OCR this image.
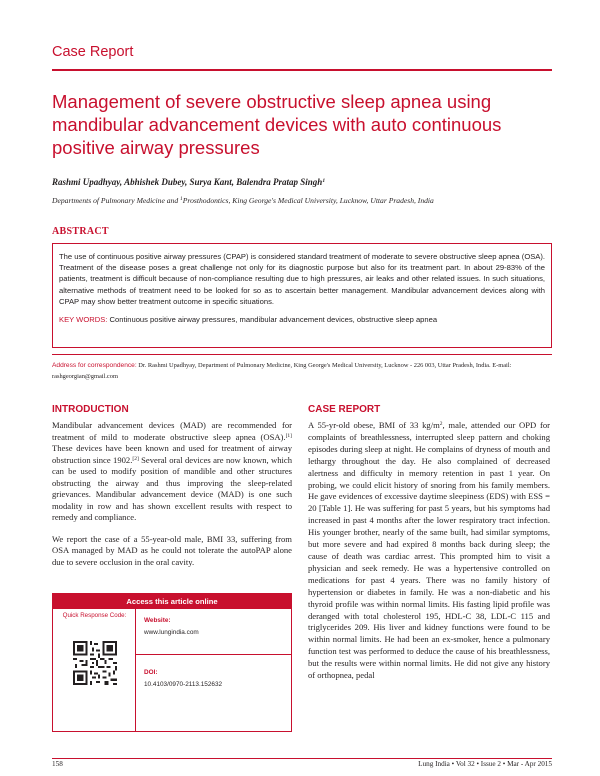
Case Report
Management of severe obstructive sleep apnea using mandibular advancement devices with auto continuous positive airway pressures
Rashmi Upadhyay, Abhishek Dubey, Surya Kant, Balendra Pratap Singh$^1$
Departments of Pulmonary Medicine and $^1$Prosthodontics, King George's Medical University, Lucknow, Uttar Pradesh, India
ABSTRACT

The use of continuous positive airway pressures (CPAP) is considered standard treatment of moderate to severe obstructive sleep apnea (OSA). Treatment of the disease poses a great challenge not only for its diagnostic purpose but also for its treatment part. In about 29-83% of the patients, treatment is difficult because of non-compliance resulting due to high pressures, air leaks and other related issues. In such situations, alternative methods of treatment need to be looked for so as to ascertain better management. Mandibular advancement devices along with CPAP may show better treatment outcome in specific situations.

KEY WORDS: Continuous positive airway pressures, mandibular advancement devices, obstructive sleep apnea

Address for correspondence: Dr. Rashmi Upadhyay, Department of Pulmonary Medicine, King George's Medical University, Lucknow - 226 003, Uttar Pradesh, India. E-mail: rashgeorgian@gmail.com
INTRODUCTION

Mandibular advancement devices (MAD) are recommended for treatment of mild to moderate obstructive sleep apnea (OSA).[1] These devices have been known and used for treatment of airway obstruction since 1902.[2] Several oral devices are now known, which can be used to modify position of mandible and other structures obstructing the airway and thus improving the sleep-related grievances. Mandibular advancement device (MAD) is one such modality in row and has shown excellent results with respect to remedy and compliance.

We report the case of a 55-year-old male, BMI 33, suffering from OSA managed by MAD as he could not tolerate the autoPAP alone due to severe occlusion in the oral cavity.

Access this article online
Quick Response Code:
Website:
www.lungindia.com
DOI:
10.4103/0970-2113.152632
CASE REPORT

A 55-yr-old obese, BMI of 33 $kg/m^2$, male, attended our OPD for complaints of breathlessness, interrupted sleep pattern and choking episodes during sleep at night. He complains of dryness of mouth and lethargy throughout the day. He also complained of decreased alertness and difficulty in memory retention in past 1 year. On probing, we could elicit history of snoring from his family members. He gave evidences of excessive daytime sleepiness (EDS) with ESS = 20 [Table 1]. He was suffering for past 5 years, but his symptoms had increased in past 4 months after the lower respiratory tract infection. His younger brother, nearly of the same built, had similar symptoms, but more severe and had expired 8 months back during sleep; the cause of death was cardiac arrest. This prompted him to visit a physician and seek remedy. He was a hypertensive controlled on medications for past 4 years. There was no family history of hypertension or diabetes in family. He was a non-diabetic and his thyroid profile was within normal limits. His fasting lipid profile was deranged with total cholesterol 195, HDL-C 38, LDL-C 115 and triglycerides 209. His liver and kidney functions were found to be within normal limits. He had been an ex-smoker, hence a pulmonary function test was performed to deduce the cause of his breathlessness, but the results were within normal limits. He did not give any history of orthopnea, pedal

158	Lung India • Vol 32 • Issue 2 • Mar - Apr 2015
